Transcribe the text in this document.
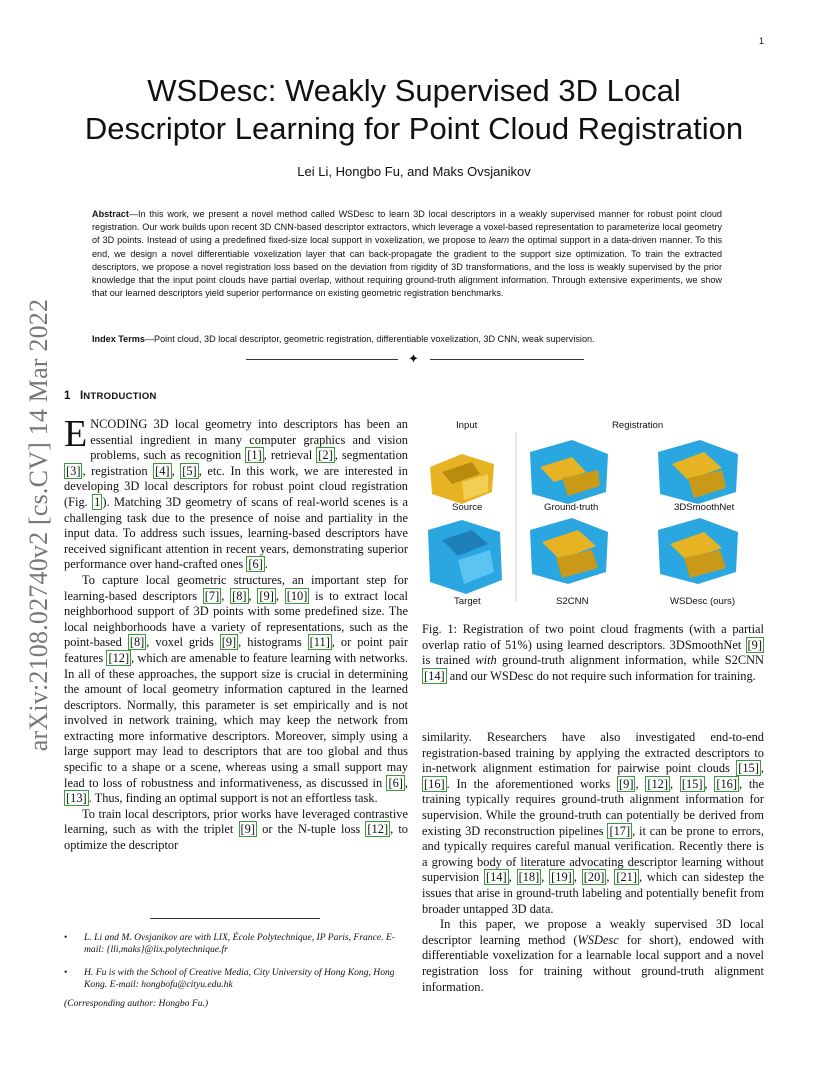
1
arXiv:2108.02740v2 [cs.CV] 14 Mar 2022
WSDesc: Weakly Supervised 3D Local
Descriptor Learning for Point Cloud Registration
Lei Li, Hongbo Fu, and Maks Ovsjanikov
Abstract—In this work, we present a novel method called WSDesc to learn 3D local descriptors in a weakly supervised manner for robust point cloud registration. Our work builds upon recent 3D CNN-based descriptor extractors, which leverage a voxel-based representation to parameterize local geometry of 3D points. Instead of using a predefined fixed-size local support in voxelization, we propose to learn the optimal support in a data-driven manner. To this end, we design a novel differentiable voxelization layer that can back-propagate the gradient to the support size optimization. To train the extracted descriptors, we propose a novel registration loss based on the deviation from rigidity of 3D transformations, and the loss is weakly supervised by the prior knowledge that the input point clouds have partial overlap, without requiring ground-truth alignment information. Through extensive experiments, we show that our learned descriptors yield superior performance on existing geometric registration benchmarks.
Index Terms—Point cloud, 3D local descriptor, geometric registration, differentiable voxelization, 3D CNN, weak supervision.
✦
1 INTRODUCTION

ENCODING 3D local geometry into descriptors has been an essential ingredient in many computer graphics and vision problems, such as recognition [1] , retrieval [2] , segmentation [3] , registration [4] , [5] , etc. In this work, we are interested in developing 3D local descriptors for robust point cloud registration (Fig. 1 ). Matching 3D geometry of scans of real-world scenes is a challenging task due to the presence of noise and partiality in the input data. To address such issues, learning-based descriptors have received significant attention in recent years, demonstrating superior performance over hand-crafted ones [6] .

To capture local geometric structures, an important step for learning-based descriptors [7] , [8] , [9] , [10] is to extract local neighborhood support of 3D points with some predefined size. The local neighborhoods have a variety of representations, such as the point-based [8] , voxel grids [9] , histograms [11] , or point pair features [12] , which are amenable to feature learning with networks. In all of these approaches, the support size is crucial in determining the amount of local geometry information captured in the learned descriptors. Normally, this parameter is set empirically and is not involved in network training, which may keep the network from extracting more informative descriptors. Moreover, simply using a large support may lead to descriptors that are too global and thus specific to a shape or a scene, whereas using a small support may lead to loss of robustness and informativeness, as discussed in [6] , [13] . Thus, finding an optimal support is not an effortless task.

To train local descriptors, prior works have leveraged contrastive learning, such as with the triplet [9] or the N-tuple loss [12] , to optimize the descriptor

• L. Li and M. Ovsjanikov are with LIX, École Polytechnique, IP Paris, France. E-mail: {lli,maks}@lix.polytechnique.fr
• H. Fu is with the School of Creative Media, City University of Hong Kong, Hong Kong. E-mail: hongbofu@cityu.edu.hk
(Corresponding author: Hongbo Fu.)
Input	Registration
Source	Ground-truth	3DSmoothNet
Target	S2CNN	WSDesc (ours)
Fig. 1: Registration of two point cloud fragments (with a partial overlap ratio of 51%) using learned descriptors. 3DSmoothNet [9] is trained with ground-truth alignment information, while S2CNN [14] and our WSDesc do not require such information for training.

similarity. Researchers have also investigated end-to-end registration-based training by applying the extracted descriptors to in-network alignment estimation for pairwise point clouds [15] , [16] . In the aforementioned works [9] , [12] , [15] , [16] , the training typically requires ground-truth alignment information for supervision. While the ground-truth can potentially be derived from existing 3D reconstruction pipelines [17] , it can be prone to errors, and typically requires careful manual verification. Recently there is a growing body of literature advocating descriptor learning without supervision [14] , [18] , [19] , [20] , [21] , which can sidestep the issues that arise in ground-truth labeling and potentially benefit from broader untapped 3D data.

In this paper, we propose a weakly supervised 3D local descriptor learning method (WSDesc for short), endowed with differentiable voxelization for a learnable local support and a novel registration loss for training without ground-truth alignment information.
